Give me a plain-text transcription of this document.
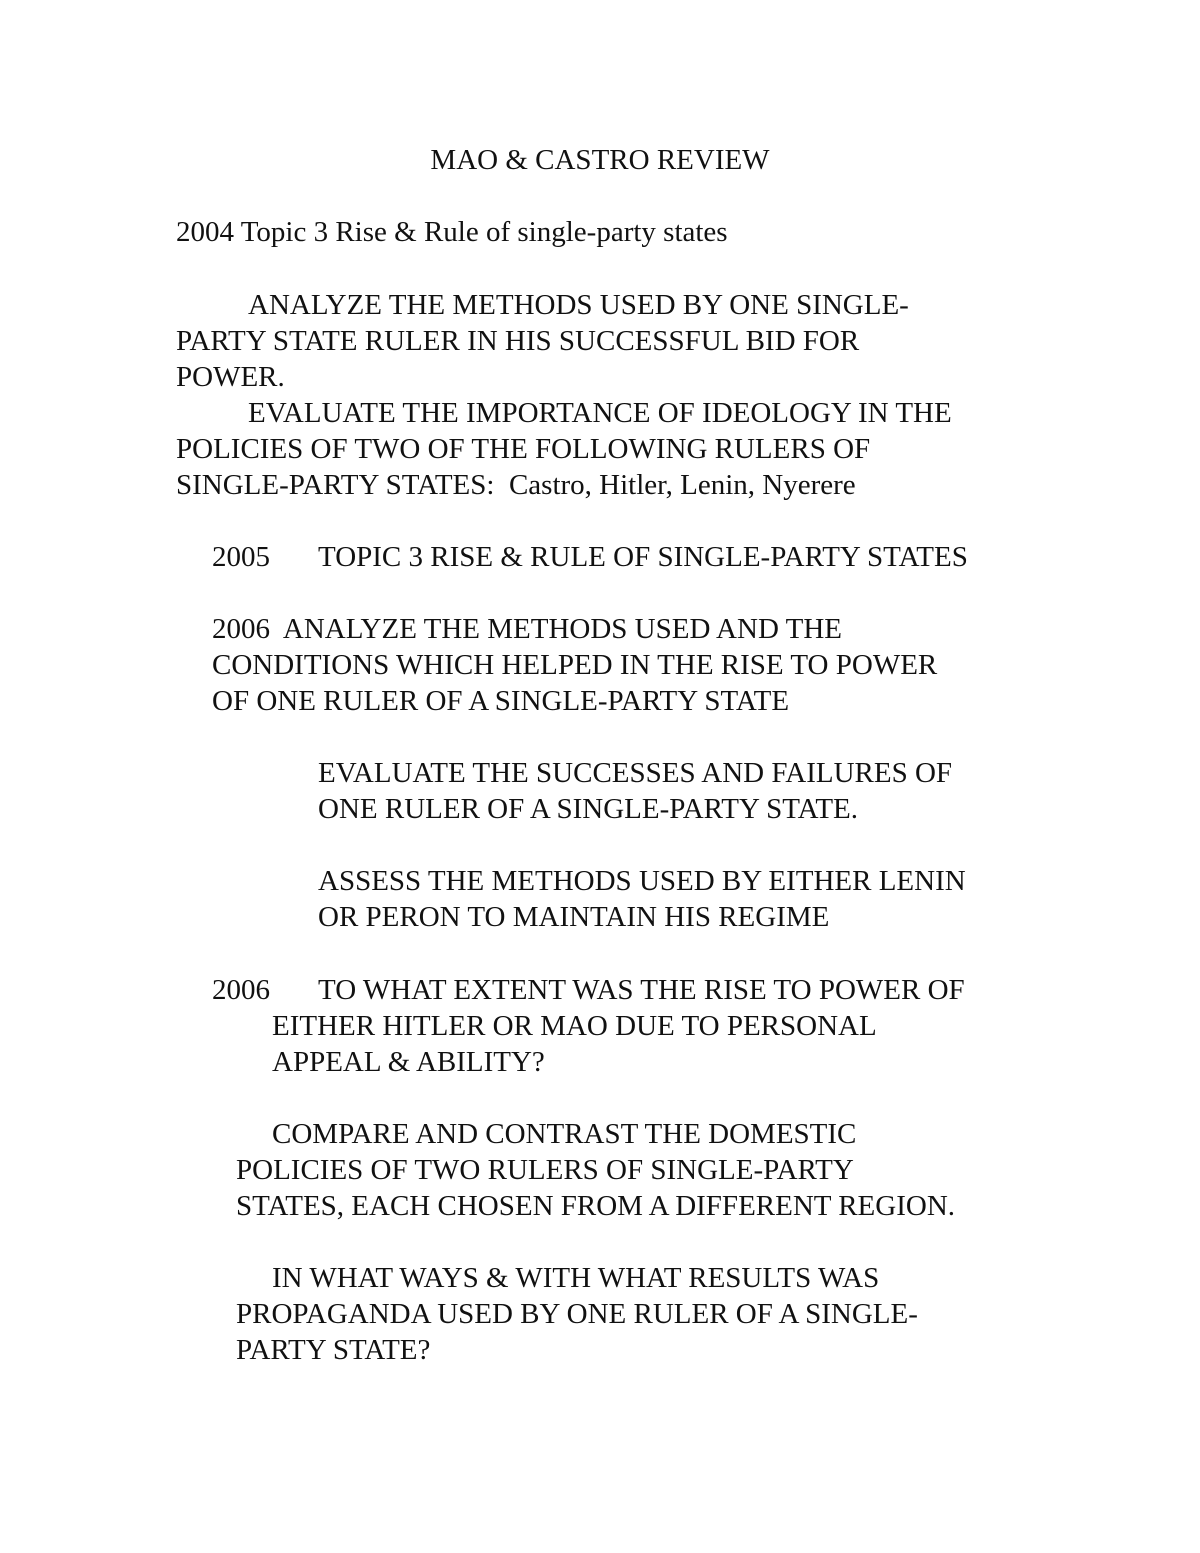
MAO & CASTRO REVIEW
2004 Topic 3 Rise & Rule of single-party states
ANALYZE THE METHODS USED BY ONE SINGLE-
PARTY STATE RULER IN HIS SUCCESSFUL BID FOR
POWER.
EVALUATE THE IMPORTANCE OF IDEOLOGY IN THE
POLICIES OF TWO OF THE FOLLOWING RULERS OF
SINGLE-PARTY STATES:  Castro, Hitler, Lenin, Nyerere
2005 TOPIC 3 RISE & RULE OF SINGLE-PARTY STATES
2006  ANALYZE THE METHODS USED AND THE
CONDITIONS WHICH HELPED IN THE RISE TO POWER
OF ONE RULER OF A SINGLE-PARTY STATE
EVALUATE THE SUCCESSES AND FAILURES OF
ONE RULER OF A SINGLE-PARTY STATE.
ASSESS THE METHODS USED BY EITHER LENIN
OR PERON TO MAINTAIN HIS REGIME
2006 TO WHAT EXTENT WAS THE RISE TO POWER OF
EITHER HITLER OR MAO DUE TO PERSONAL
APPEAL & ABILITY?
COMPARE AND CONTRAST THE DOMESTIC
POLICIES OF TWO RULERS OF SINGLE-PARTY
STATES, EACH CHOSEN FROM A DIFFERENT REGION.
IN WHAT WAYS & WITH WHAT RESULTS WAS
PROPAGANDA USED BY ONE RULER OF A SINGLE-
PARTY STATE?
